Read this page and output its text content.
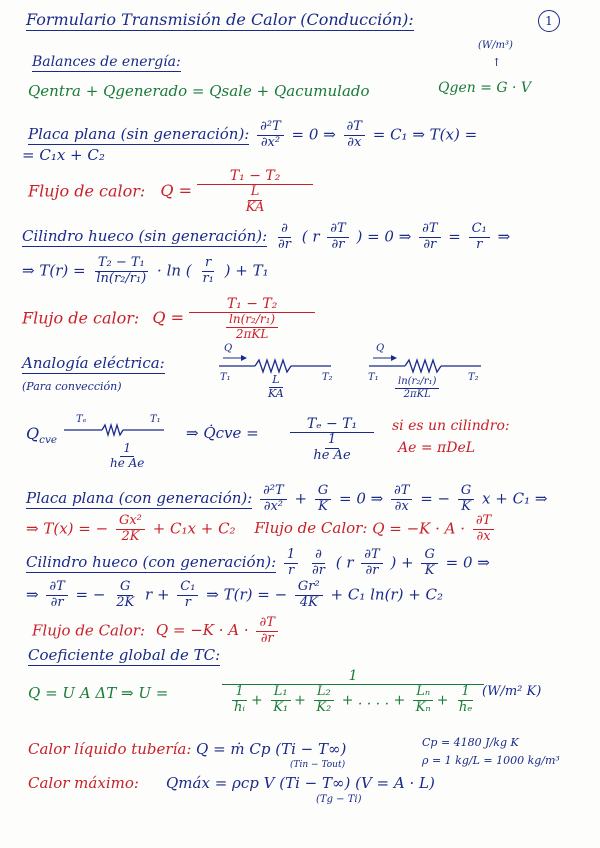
Formulario Transmisión de Calor (Conducción):	1
Balances de energía:
(W/m³)
↑
Qentra + Qgenerado = Qsale + Qacumulado	Qgen = G · V
Placa plana (sin generación): $\frac{\text{∂²T}}{\text{∂x²}} = 0$ ⇒ $\frac{\partial T}{\partial x} = C_1$ ⇒ T(x) =
= C₁x + C₂
Flujo de calor: $Q = \frac{\text{T₁ − T₂}}{\frac{L}{KA}}$
Cilindro hueco (sin generación): $\frac{\partial}{\partial r}$ ( r $\frac{\partial T}{\partial r}$ ) = 0 ⇒ $\frac{\partial T}{\partial r} = \frac{\text{C₁}}{r}$ ⇒
⇒ $T(r) = \frac{\text{T₂ − T₁}}{\text{ln(r₂/r₁)}} \cdot \ln$ ( $\frac{r}{\text{r₁}}$ ) + T₁
Flujo de calor: $Q = \frac{\text{T₁ − T₂}}{\frac{\text{ln(r₂/r₁)}}{\text{2πKL}}}$
Analogía eléctrica:
(Para convección)
Q
T₁	T₂
$\frac{L}{KA}$
Q
T₁	T₂
$\frac{\text{ln(r₂/r₁)}}{\text{2πKL}}$
$Q_{cve}$
Tₑ	T₁
$\frac{1}{\text{he Ae}}$
⇒ Q̇cve = $\frac{\text{Tₑ − T₁}}{\frac{1}{\text{he Ae}}}$ si es un cilindro:
Ae = πDeL
Placa plana (con generación): $\frac{\text{∂²T}}{\text{∂x²}} + \frac{G}{K} = 0$ ⇒ $\frac{\partial T}{\partial x}$ = − $\frac{G}{K}$ x + C₁ ⇒
⇒ T(x) = − $\frac{\text{Gx²}}{2K} + C_1x + C_2$ Flujo de Calor: $Q = -K \cdot A \cdot \frac{\partial T}{\partial x}$
Cilindro hueco (con generación): $\frac{1}{r}$
$\frac{\partial}{\partial r}$ ( r $\frac{\partial T}{\partial r}$ ) + $\frac{G}{K} = 0$ ⇒
⇒ $\frac{\partial T}{\partial r}$ = − $\frac{G}{2K}$ $r + \frac{\text{C₁}}{r}$ ⇒ T(r) = − $\frac{\text{Gr²}}{4K} + C_1$ ln(r) + C₂
Flujo de Calor: $Q = -K \cdot A \cdot \frac{\partial T}{\partial r}$
Coeficiente global de TC:
Q = U A ΔT ⇒ U =
1
$\frac{1}{\text{hᵢ}} + \frac{\text{L₁}}{\text{K₁}} + \frac{\text{L₂}}{\text{K₂}}$ + . . . . + $\frac{\text{Lₙ}}{\text{Kₙ}} + \frac{1}{\text{hₑ}} (W/m^2$ K)
Calor líquido tubería: Q = ṁ Cp (Ti − T∞)
(Tin − Tout)
Cp = 4180 J/kg K
ρ = 1 kg/L = 1000 kg/m³
Calor máximo: Qmáx = ρcp V (Ti − T∞) (V = A · L)
(Tg − Ti)
